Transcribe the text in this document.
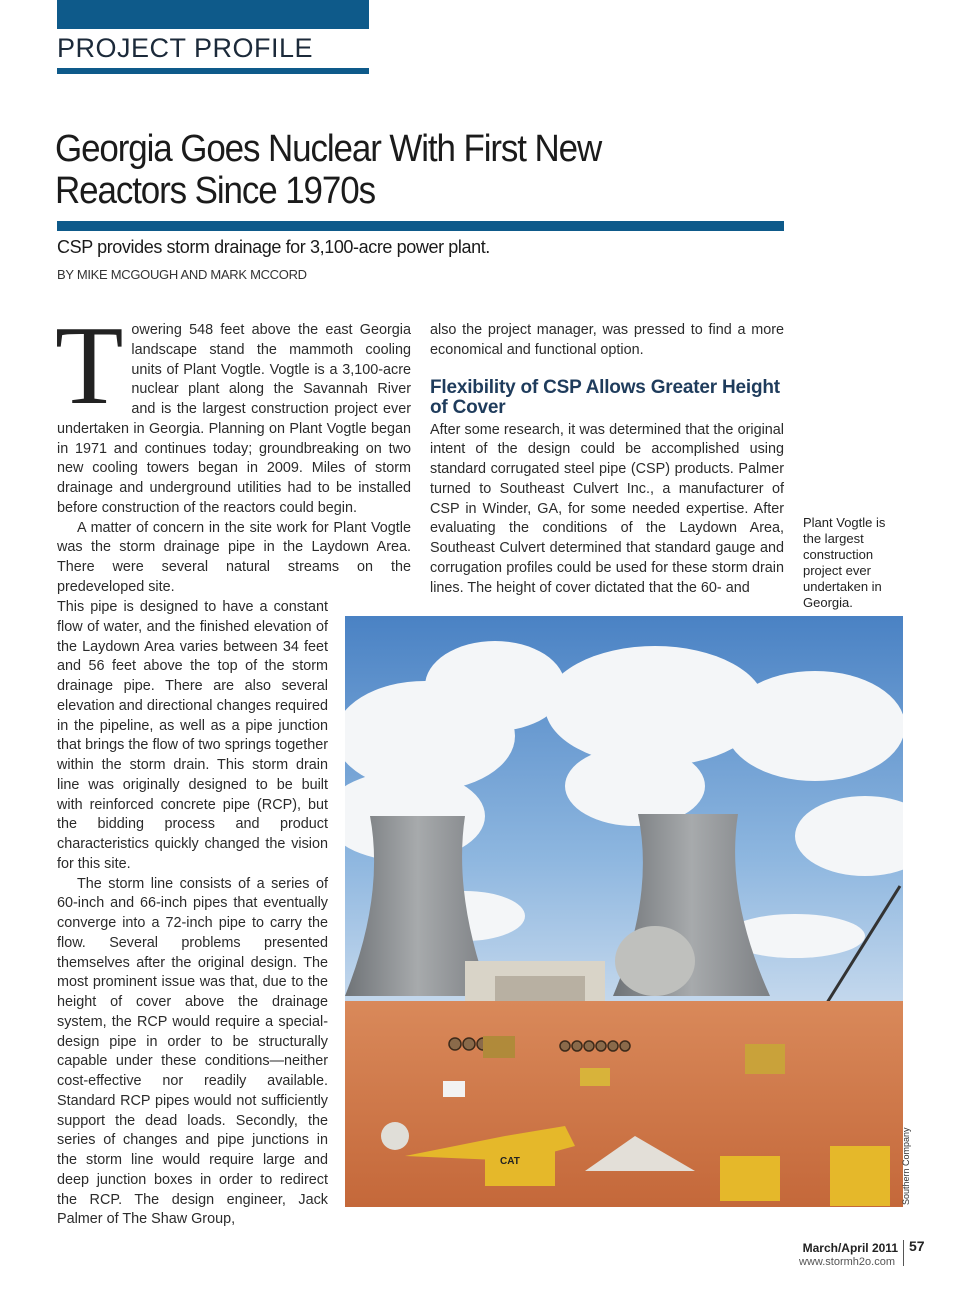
PROJECT PROFILE
Georgia Goes Nuclear With First New
Reactors Since 1970s

CSP provides storm drainage for 3,100-acre power plant.

BY MIKE MCGOUGH AND MARK MCCORD

Towering 548 feet above the east Georgia landscape stand the mammoth cooling units of Plant Vogtle. Vogtle is a 3,100-acre nuclear plant along the Savannah River and is the largest construction project ever undertaken in Georgia. Planning on Plant Vogtle began in 1971 and continues today; groundbreaking on two new cooling towers began in 2009. Miles of storm drainage and underground utilities had to be installed before construction of the reactors could begin.

A matter of concern in the site work for Plant Vogtle was the storm drainage pipe in the Laydown Area. There were several natural streams on the predeveloped site.

This pipe is designed to have a constant flow of water, and the finished elevation of the Laydown Area varies between 34 feet and 56 feet above the top of the storm drainage pipe. There are also several elevation and directional changes required in the pipeline, as well as a pipe junction that brings the flow of two springs together within the storm drain. This storm drain line was originally designed to be built with reinforced concrete pipe (RCP), but the bidding process and product characteristics quickly changed the vision for this site.

The storm line consists of a series of 60-inch and 66-inch pipes that eventually converge into a 72-inch pipe to carry the flow. Several problems presented themselves after the original design. The most prominent issue was that, due to the height of cover above the drainage system, the RCP would require a special-design pipe in order to be structurally capable under these conditions—neither cost-effective nor readily available. Standard RCP pipes would not sufficiently support the dead loads. Secondly, the series of changes and pipe junctions in the storm line would require large and deep junction boxes in order to redirect the RCP. The design engineer, Jack Palmer of The Shaw Group,

also the project manager, was pressed to find a more economical and functional option.

Flexibility of CSP Allows Greater Height of Cover

After some research, it was determined that the original intent of the design could be accomplished using standard corrugated steel pipe (CSP) products. Palmer turned to Southeast Culvert Inc., a manufacturer of CSP in Winder, GA, for some needed expertise. After evaluating the conditions of the Laydown Area, Southeast Culvert determined that standard gauge and corrugation profiles could be used for these storm drain lines. The height of cover dictated that the 60- and

Plant Vogtle is the largest construction project ever undertaken in Georgia.

CAT	Southern Company
March/April 2011
www.stormh2o.com
57
